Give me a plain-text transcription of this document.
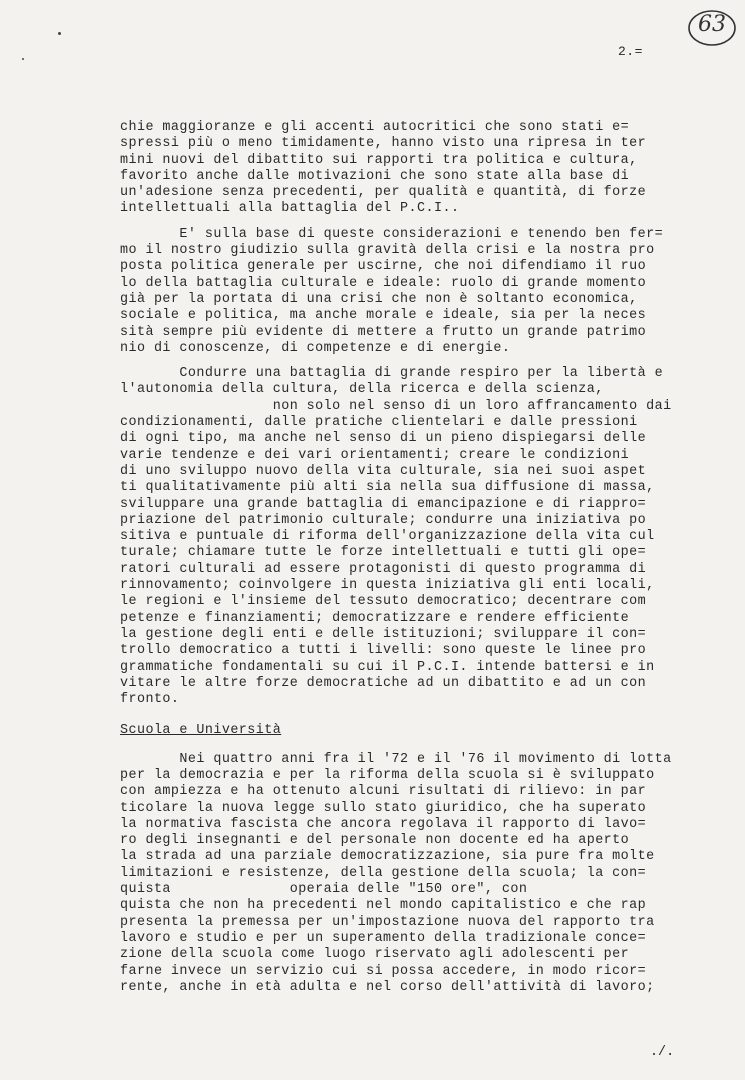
63
2.=
chie maggioranze e gli accenti autocritici che sono stati e=
spressi più o meno timidamente, hanno visto una ripresa in ter
mini nuovi del dibattito sui rapporti tra politica e cultura,
favorito anche dalle motivazioni che sono state alla base di
un'adesione senza precedenti, per qualità e quantità, di forze
intellettuali alla battaglia del P.C.I..
E' sulla base di queste considerazioni e tenendo ben fer=
mo il nostro giudizio sulla gravità della crisi e la nostra pro
posta politica generale per uscirne, che noi difendiamo il ruo
lo della battaglia culturale e ideale: ruolo di grande momento
già per la portata di una crisi che non è soltanto economica,
sociale e politica, ma anche morale e ideale, sia per la neces
sità sempre più evidente di mettere a frutto un grande patrimo
nio di conoscenze, di competenze e di energie.
Condurre una battaglia di grande respiro per la libertà e
l'autonomia della cultura, della ricerca e della scienza,
non solo nel senso di un loro affrancamento dai
condizionamenti, dalle pratiche clientelari e dalle pressioni
di ogni tipo, ma anche nel senso di un pieno dispiegarsi delle
varie tendenze e dei vari orientamenti; creare le condizioni
di uno sviluppo nuovo della vita culturale, sia nei suoi aspet
ti qualitativamente più alti sia nella sua diffusione di massa,
sviluppare una grande battaglia di emancipazione e di riappro=
priazione del patrimonio culturale; condurre una iniziativa po
sitiva e puntuale di riforma dell'organizzazione della vita cul
turale; chiamare tutte le forze intellettuali e tutti gli ope=
ratori culturali ad essere protagonisti di questo programma di
rinnovamento; coinvolgere in questa iniziativa gli enti locali,
le regioni e l'insieme del tessuto democratico; decentrare com
petenze e finanziamenti; democratizzare e rendere efficiente
la gestione degli enti e delle istituzioni; sviluppare il con=
trollo democratico a tutti i livelli: sono queste le linee pro
grammatiche fondamentali su cui il P.C.I. intende battersi e in
vitare le altre forze democratiche ad un dibattito e ad un con
fronto.
Scuola e Università
Nei quattro anni fra il '72 e il '76 il movimento di lotta
per la democrazia e per la riforma della scuola si è sviluppato
con ampiezza e ha ottenuto alcuni risultati di rilievo: in par
ticolare la nuova legge sullo stato giuridico, che ha superato
la normativa fascista che ancora regolava il rapporto di lavo=
ro degli insegnanti e del personale non docente ed ha aperto
la strada ad una parziale democratizzazione, sia pure fra molte
limitazioni e resistenze, della gestione della scuola; la con=
quista              operaia delle "150 ore", con
quista che non ha precedenti nel mondo capitalistico e che rap
presenta la premessa per un'impostazione nuova del rapporto tra
lavoro e studio e per un superamento della tradizionale conce=
zione della scuola come luogo riservato agli adolescenti per
farne invece un servizio cui si possa accedere, in modo ricor=
rente, anche in età adulta e nel corso dell'attività di lavoro;
./.
